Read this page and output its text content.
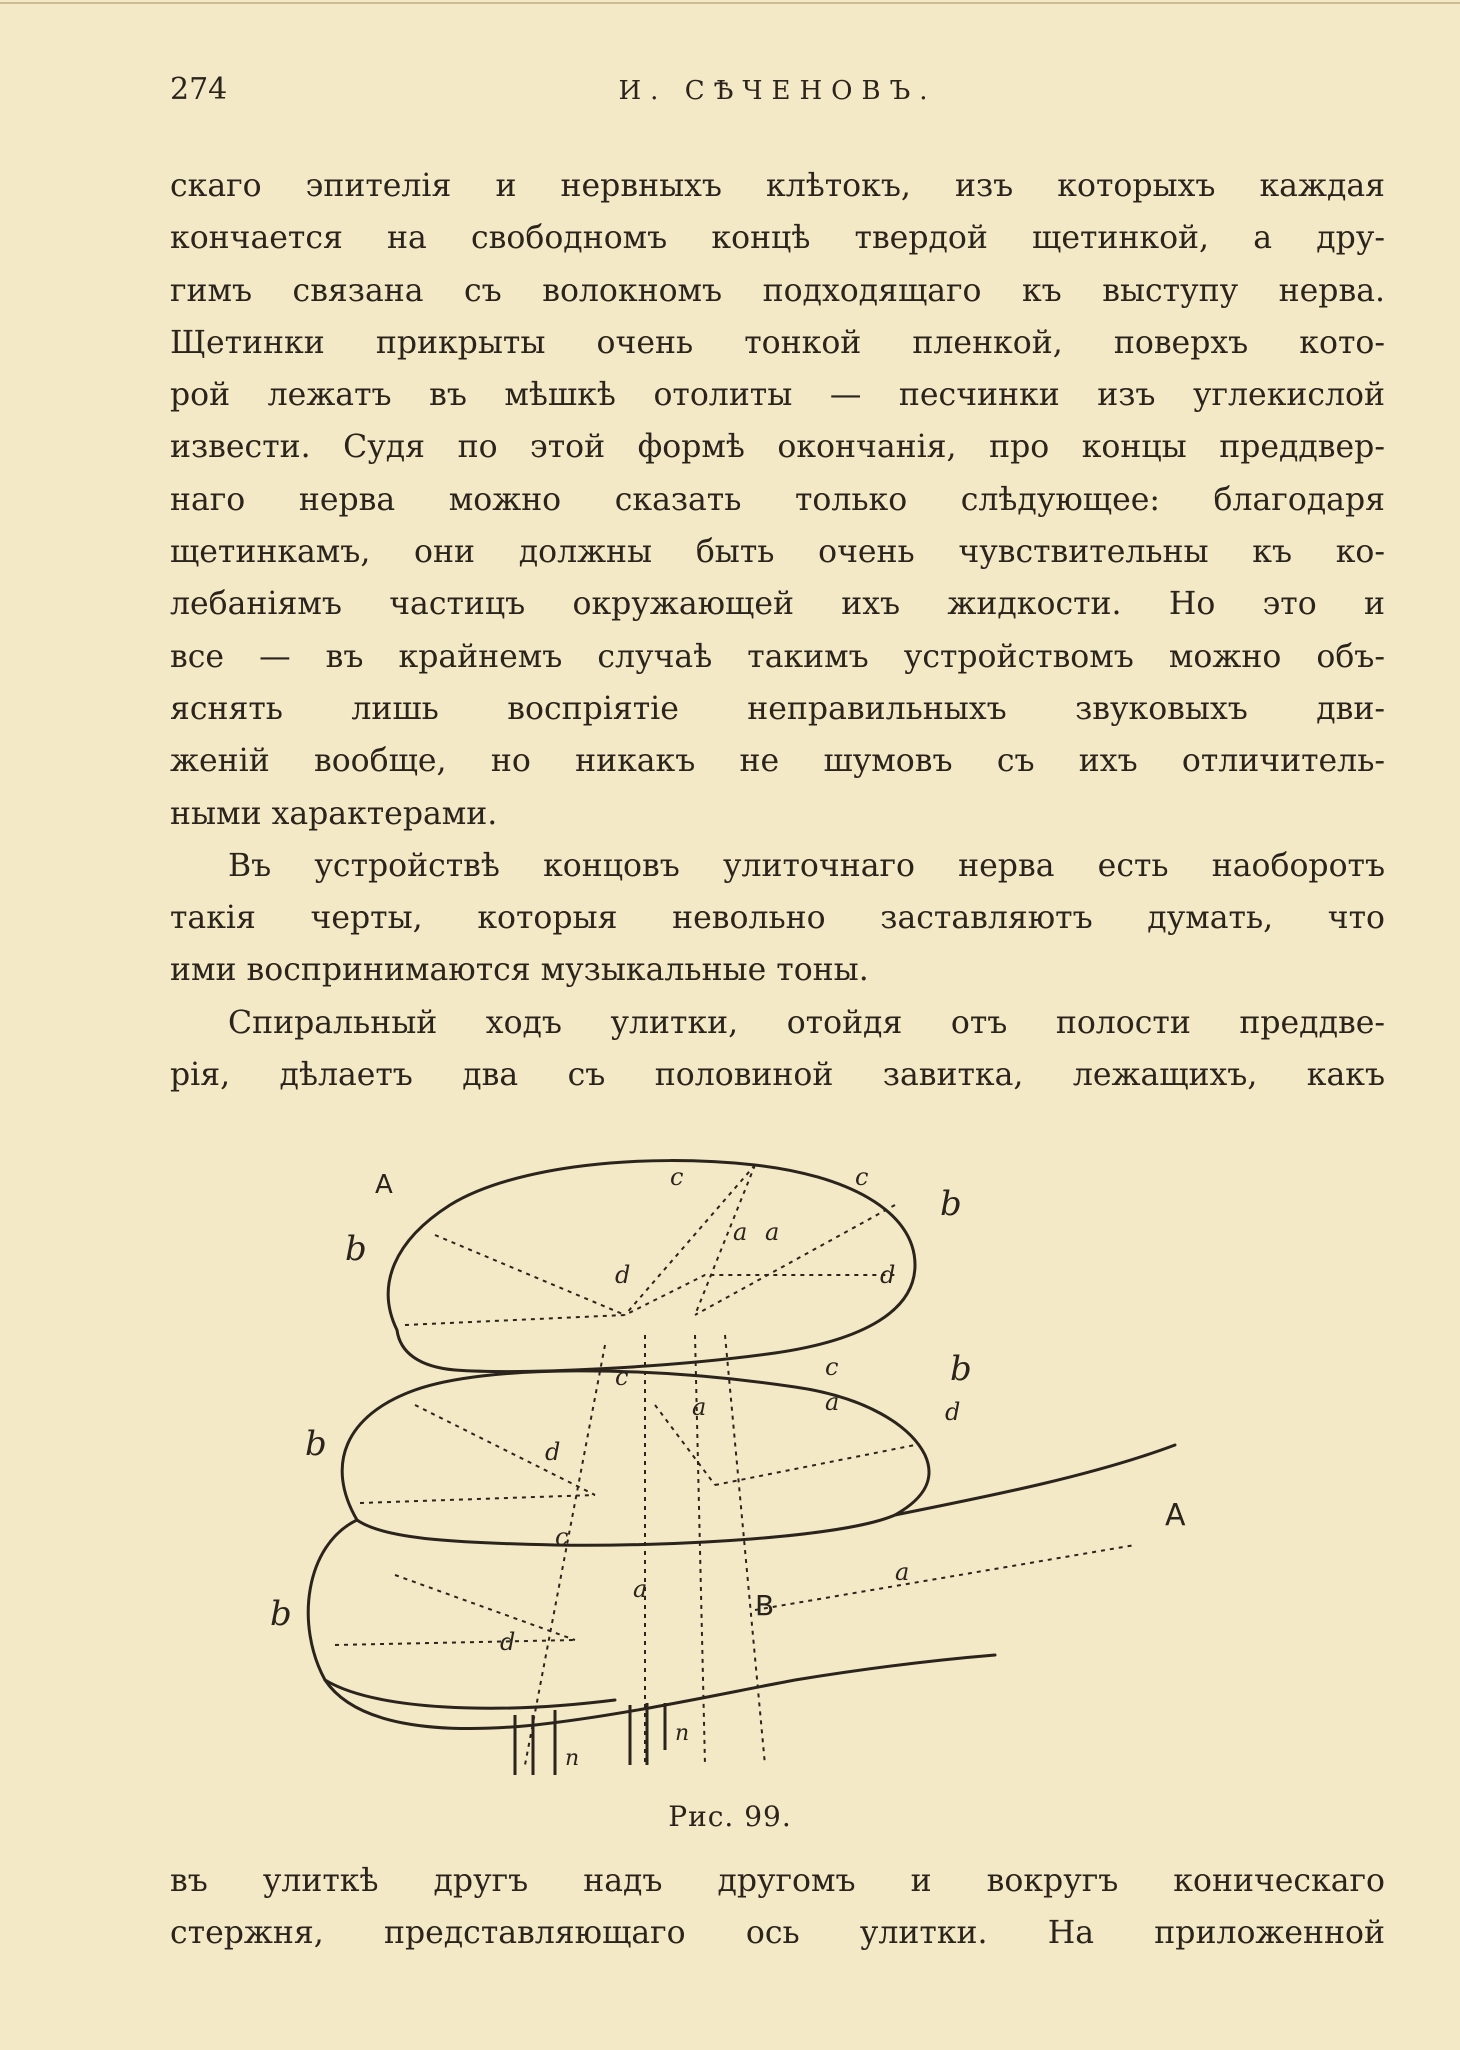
274	И. СѢЧЕНОВЪ.
скаго эпителія и нервныхъ клѣтокъ, изъ которыхъ каждая
кончается на свободномъ концѣ твердой щетинкой, а дру-
гимъ связана съ волокномъ подходящаго къ выступу нерва.
Щетинки прикрыты очень тонкой пленкой, поверхъ кото-
рой лежатъ въ мѣшкѣ отолиты — песчинки изъ углекислой
извести. Судя по этой формѣ окончанія, про концы преддвер-
наго нерва можно сказать только слѣдующее: благодаря
щетинкамъ, они должны быть очень чувствительны къ ко-
лебаніямъ частицъ окружающей ихъ жидкости. Но это и
все — въ крайнемъ случаѣ такимъ устройствомъ можно объ-
яснять лишь воспріятіе неправильныхъ звуковыхъ дви-
женій вообще, но никакъ не шумовъ съ ихъ отличитель-
ными характерами.
Въ устройствѣ концовъ улиточнаго нерва есть наоборотъ
такія черты, которыя невольно заставляютъ думать, что
ими воспринимаются музыкальные тоны.
Спиральный ходъ улитки, отойдя отъ полости преддве-
рія, дѣлаетъ два съ половиной завитка, лежащихъ, какъ
A
A
B
b
b
b
b
b
c	c
c	c
c
d	d
d
d
d
a a
a	a
a
a
n
n
Рис. 99.
въ улиткѣ другъ надъ другомъ и вокругъ коническаго
стержня, представляющаго ось улитки. На приложенной
